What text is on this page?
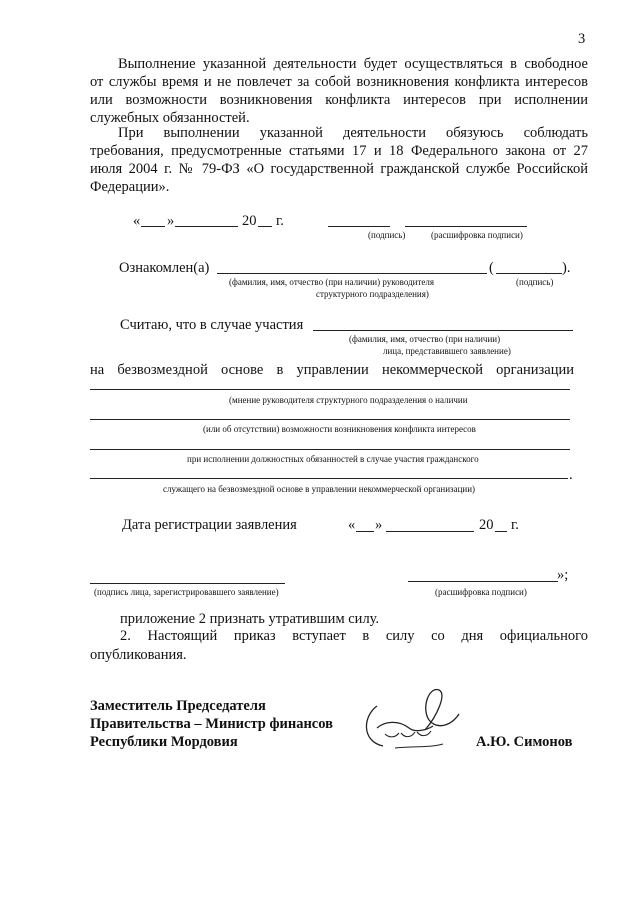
3
Выполнение указанной деятельности будет осуществляться в свободное
от службы время и не повлечет за собой возникновения конфликта интересов
или возможности возникновения конфликта интересов при исполнении
служебных обязанностей.
При выполнении указанной деятельности обязуюсь соблюдать
требования, предусмотренные статьями 17 и 18 Федерального закона от 27
июля 2004 г. № 79-ФЗ «О государственной гражданской службе Российской
Федерации».
« »	20 г.
(подпись)	(расшифровка подписи)
Ознакомлен(а)	(	).
(фамилия, имя, отчество (при наличии) руководителя
структурного подразделения)
(подпись)
Считаю, что в случае участия
(фамилия, имя, отчество (при наличии)
лица, представившего заявление)
на безвозмездной основе в управлении некоммерческой организации
(мнение руководителя структурного подразделения о наличии
(или об отсутствии) возможности возникновения конфликта интересов
при исполнении должностных обязанностей в случае участия гражданского
.
служащего на безвозмездной основе в управлении некоммерческой организации)
Дата регистрации заявления	« »	20 г.
(подпись лица, зарегистрировавшего заявление)
»;
(расшифровка подписи)
приложение 2 признать утратившим силу.
2. Настоящий приказ вступает в силу со дня официального
опубликования.
Заместитель Председателя
Правительства – Министр финансов
Республики Мордовия	А.Ю. Симонов
